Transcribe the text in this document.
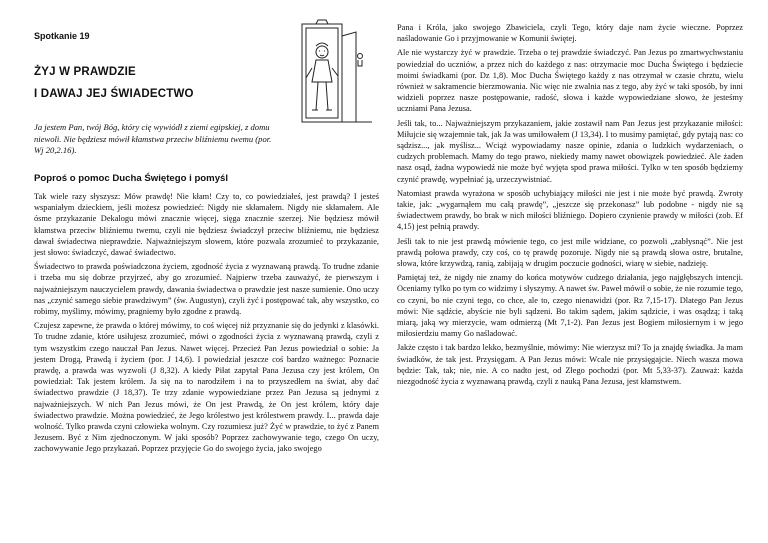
Spotkanie 19
ŻYJ W PRAWDZIE
I DAWAJ JEJ ŚWIADECTWO
Ja jestem Pan, twój Bóg, który cię wywiódł z ziemi egipskiej, z domu niewoli. Nie będziesz mówił kłamstwa przeciw bliźniemu twemu (por. Wj 20,2.16).
Poproś o pomoc Ducha Świętego i pomyśl

Tak wiele razy słyszysz: Mów prawdę! Nie kłam! Czy to, co powiedziałeś, jest prawdą? I jesteś wspaniałym dzieckiem, jeśli możesz powiedzieć: Nigdy nie skłamałem. Nigdy nie skłamałem. Ale ósme przykazanie Dekalogu mówi znacznie więcej, sięga znacznie szerzej. Nie będziesz mówił kłamstwa przeciw bliźniemu twemu, czyli nie będziesz świadczył przeciw bliźniemu, nie będziesz dawał świadectwa nieprawdzie. Najważniejszym słowem, które pozwala zrozumieć to przykazanie, jest słowo: świadczyć, dawać świadectwo.

Świadectwo to prawda poświadczona życiem, zgodność życia z wyznawaną prawdą. To trudne zdanie i trzeba mu się dobrze przyjrzeć, aby go zrozumieć. Najpierw trzeba zauważyć, że pierwszym i najważniejszym nauczycielem prawdy, dawania świadectwa o prawdzie jest nasze sumienie. Ono uczy nas „czynić samego siebie prawdziwym” (św. Augustyn), czyli żyć i postępować tak, aby wszystko, co robimy, myślimy, mówimy, pragniemy było zgodne z prawdą.

Czujesz zapewne, że prawda o której mówimy, to coś więcej niż przyznanie się do jedynki z klasówki. To trudne zdanie, które usiłujesz zrozumieć, mówi o zgodności życia z wyznawaną prawdą, czyli z tym wszystkim czego nauczał Pan Jezus. Nawet więcej. Przecież Pan Jezus powiedział o sobie: Ja jestem Drogą, Prawdą i życiem (por. J 14,6). I powiedział jeszcze coś bardzo ważnego: Poznacie prawdę, a prawda was wyzwoli (J 8,32). A kiedy Piłat zapytał Pana Jezusa czy jest królem, On powiedział: Tak jestem królem. Ja się na to narodziłem i na to przyszedłem na świat, aby dać świadectwo prawdzie (J 18,37). Te trzy zdanie wypowiedziane przez Pan Jezusa są jednymi z najważniejszych. W nich Pan Jezus mówi, że On jest Prawdą, że On jest królem, który daje świadectwo prawdzie. Można powiedzieć, że Jego królestwo jest królestwem prawdy. I... prawda daje wolność. Tylko prawda czyni człowieka wolnym. Czy rozumiesz już? Żyć w prawdzie, to żyć z Panem Jezusem. Być z Nim zjednoczonym. W jaki sposób? Poprzez zachowywanie tego, czego On uczy, zachowywanie Jego przykazań. Poprzez przyjęcie Go do swojego życia, jako swojego

Pana i Króla, jako swojego Zbawiciela, czyli Tego, który daje nam życie wieczne. Poprzez naśladowanie Go i przyjmowanie w Komunii świętej.

Ale nie wystarczy żyć w prawdzie. Trzeba o tej prawdzie świadczyć. Pan Jezus po zmartwychwstaniu powiedział do uczniów, a przez nich do każdego z nas: otrzymacie moc Ducha Świętego i będziecie moimi świadkami (por. Dz 1,8). Moc Ducha Świętego każdy z nas otrzymał w czasie chrztu, wielu również w sakramencie bierzmowania. Nic więc nie zwalnia nas z tego, aby żyć w taki sposób, by inni widzieli poprzez nasze postępowanie, radość, słowa i każde wypowiedziane słowo, że jesteśmy uczniami Pana Jezusa.

Jeśli tak, to... Najważniejszym przykazaniem, jakie zostawił nam Pan Jezus jest przykazanie miłości: Miłujcie się wzajemnie tak, jak Ja was umiłowałem (J 13,34). I to musimy pamiętać, gdy pytają nas: co sądzisz..., jak myślisz... Wciąż wypowiadamy nasze opinie, zdania o ludzkich wydarzeniach, o cudzych problemach. Mamy do tego prawo, niekiedy mamy nawet obowiązek powiedzieć. Ale żaden nasz osąd, żadna wypowiedź nie może być wyjęta spod prawa miłości. Tylko w ten sposób będziemy czynić prawdę, wypełniać ją, urzeczywistniać.

Natomiast prawda wyrażona w sposób uchybiający miłości nie jest i nie może być prawdą. Zwroty takie, jak: „wygarnąłem mu całą prawdę”, „jeszcze się przekonasz” lub podobne - nigdy nie są świadectwem prawdy, bo brak w nich miłości bliźniego. Dopiero czynienie prawdy w miłości (zob. Ef 4,15) jest pełnią prawdy.

Jeśli tak to nie jest prawdą mówienie tego, co jest mile widziane, co pozwoli „zabłysnąć”. Nie jest prawdą połowa prawdy, czy coś, co tę prawdę pozoruje. Nigdy nie są prawdą słowa ostre, brutalne, słowa, które krzywdzą, ranią, zabijają w drugim poczucie godności, wiarę w siebie, nadzieję.

Pamiętaj też, że nigdy nie znamy do końca motywów cudzego działania, jego najgłębszych intencji. Oceniamy tylko po tym co widzimy i słyszymy. A nawet św. Paweł mówił o sobie, że nie rozumie tego, co czyni, bo nie czyni tego, co chce, ale to, czego nienawidzi (por. Rz 7,15-17). Dlatego Pan Jezus mówi: Nie sądźcie, abyście nie byli sądzeni. Bo takim sądem, jakim sądzicie, i was osądzą; i taką miarą, jaką wy mierzycie, wam odmierzą (Mt 7,1-2). Pan Jezus jest Bogiem miłosiernym i w jego miłosierdziu mamy Go naśladować.

Jakże często i tak bardzo lekko, bezmyślnie, mówimy: Nie wierzysz mi? To ja znajdę świadka. Ja mam świadków, że tak jest. Przysięgam. A Pan Jezus mówi: Wcale nie przysięgajcie. Niech wasza mowa będzie: Tak, tak; nie, nie. A co nadto jest, od Złego pochodzi (por. Mt 5,33-37). Zauważ: każda niezgodność życia z wyznawaną prawdą, czyli z nauką Pana Jezusa, jest kłamstwem.
